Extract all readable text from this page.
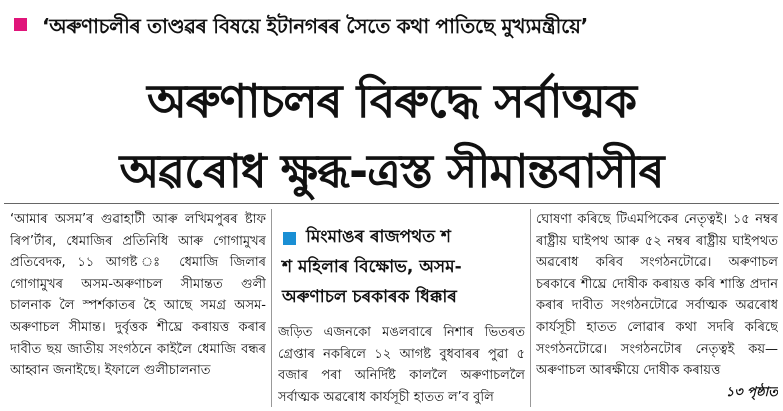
‘অৰুণাচলীৰ তাণ্ডৱৰ বিষয়ে ইটানগৰৰ সৈতে কথা পাতিছে মুখ্যমন্ত্ৰীয়ে’
অৰুণাচলৰ বিৰুদ্ধে সৰ্বাত্মক
অৱৰোধ ক্ষুব্ধ-ত্ৰস্ত সীমান্তবাসীৰ

‘আমাৰ অসম’ৰ গুৱাহাটী আৰু লখিমপুৰৰ ষ্টাফ ৰিপ’ৰ্টাৰ, ধেমাজিৰ প্ৰতিনিধি আৰু গোগামুখৰ প্ৰতিবেদক, ১১ আগষ্ট ঃ ধেমাজি জিলাৰ গোগামুখৰ অসম-অৰুণাচল সীমান্তত গুলী চালনাক লৈ স্পৰ্শকাতৰ হৈ আছে সমগ্ৰ অসম-অৰুণাচল সীমান্ত। দুৰ্বৃত্তক শীঘ্ৰে কৰায়ত্ত কৰাৰ দাবীত ছয় জাতীয় সংগঠনে কাইলৈ ধেমাজি বন্ধৰ আহ্বান জনাইছে। ইফালে গুলীচালনাত

মিংমাঙৰ ৰাজপথত শ
শ মহিলাৰ বিক্ষোভ, অসম-
অৰুণাচল চৰকাৰক ধিক্কাৰ

জড়িত এজনকো মঙলবাৰে নিশাৰ ভিতৰত গ্ৰেপ্তাৰ নকৰিলে ১২ আগষ্ট বুধবাৰৰ পুৱা ৫ বজাৰ পৰা অনিৰ্দিষ্ট কাললৈ অৰুণাচললৈ সৰ্বাত্মক অৱৰোধ কাৰ্যসূচী হাতত ল’ব বুলি

ঘোষণা কৰিছে টিএমপিকেৰ নেতৃত্বই। ১৫ নম্বৰ ৰাষ্ট্ৰীয় ঘাইপথ আৰু ৫২ নম্বৰ ৰাষ্ট্ৰীয় ঘাইপথত অৱৰোধ কৰিব সংগঠনটোৱে। অৰুণাচল চৰকাৰে শীঘ্ৰে দোষীক কৰায়ত্ত কৰি শাস্তি প্ৰদান কৰাৰ দাবীত সংগঠনটোৱে সৰ্বাত্মক অৱৰোধ কাৰ্যসূচী হাতত লোৱাৰ কথা সদৰি কৰিছে সংগঠনটোৱে। সংগঠনটোৰ নেতৃত্বই কয়— অৰুণাচল আৰক্ষীয়ে দোষীক কৰায়ত্ত

১৩ পৃষ্ঠাত
